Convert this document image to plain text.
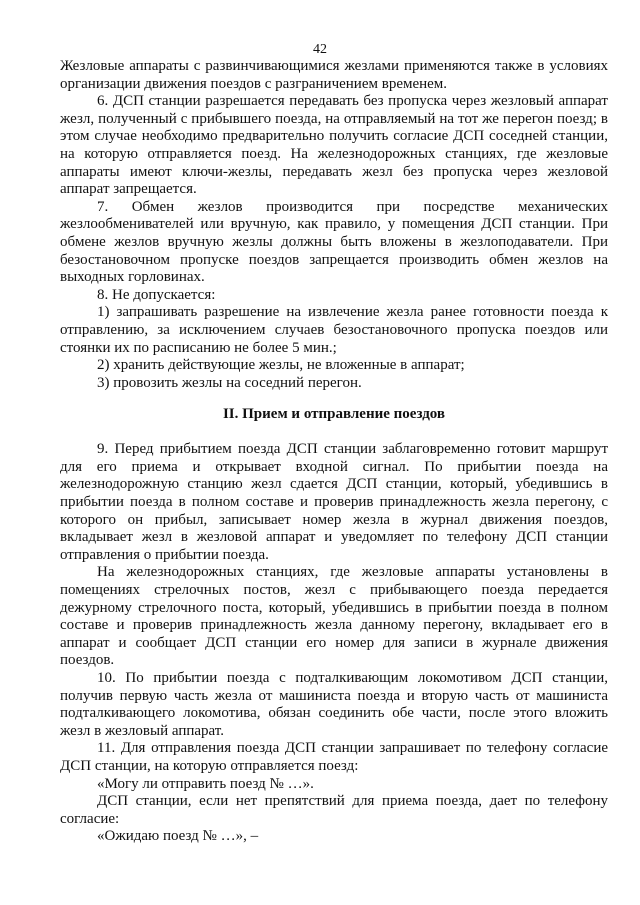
42

Жезловые аппараты с развинчивающимися жезлами применяются также в условиях организации движения поездов с разграничением временем.

6. ДСП станции разрешается передавать без пропуска через жезловый аппарат жезл, полученный с прибывшего поезда, на отправляемый на тот же перегон поезд; в этом случае необходимо предварительно получить согласие ДСП соседней станции, на которую отправляется поезд. На железнодорожных станциях, где жезловые аппараты имеют ключи-жезлы, передавать жезл без пропуска через жезловой аппарат запрещается.

7. Обмен жезлов производится при посредстве механических жезлообменивателей или вручную, как правило, у помещения ДСП станции. При обмене жезлов вручную жезлы должны быть вложены в жезлоподаватели. При безостановочном пропуске поездов запрещается производить обмен жезлов на выходных горловинах.

8. Не допускается:

1) запрашивать разрешение на извлечение жезла ранее готовности поезда к отправлению, за исключением случаев безостановочного пропуска поездов или стоянки их по расписанию не более 5 мин.;

2) хранить действующие жезлы, не вложенные в аппарат;

3) провозить жезлы на соседний перегон.

II. Прием и отправление поездов

9. Перед прибытием поезда ДСП станции заблаговременно готовит маршрут для его приема и открывает входной сигнал. По прибытии поезда на железнодорожную станцию жезл сдается ДСП станции, который, убедившись в прибытии поезда в полном составе и проверив принадлежность жезла перегону, с которого он прибыл, записывает номер жезла в журнал движения поездов, вкладывает жезл в жезловой аппарат и уведомляет по телефону ДСП станции отправления о прибытии поезда.

На железнодорожных станциях, где жезловые аппараты установлены в помещениях стрелочных постов, жезл с прибывающего поезда передается дежурному стрелочного поста, который, убедившись в прибытии поезда в полном составе и проверив принадлежность жезла данному перегону, вкладывает его в аппарат и сообщает ДСП станции его номер для записи в журнале движения поездов.

10. По прибытии поезда с подталкивающим локомотивом ДСП станции, получив первую часть жезла от машиниста поезда и вторую часть от машиниста подталкивающего локомотива, обязан соединить обе части, после этого вложить жезл в жезловый аппарат.

11. Для отправления поезда ДСП станции запрашивает по телефону согласие ДСП станции, на которую отправляется поезд:

«Могу ли отправить поезд № …».

ДСП станции, если нет препятствий для приема поезда, дает по телефону согласие:

«Ожидаю поезд № …», –
